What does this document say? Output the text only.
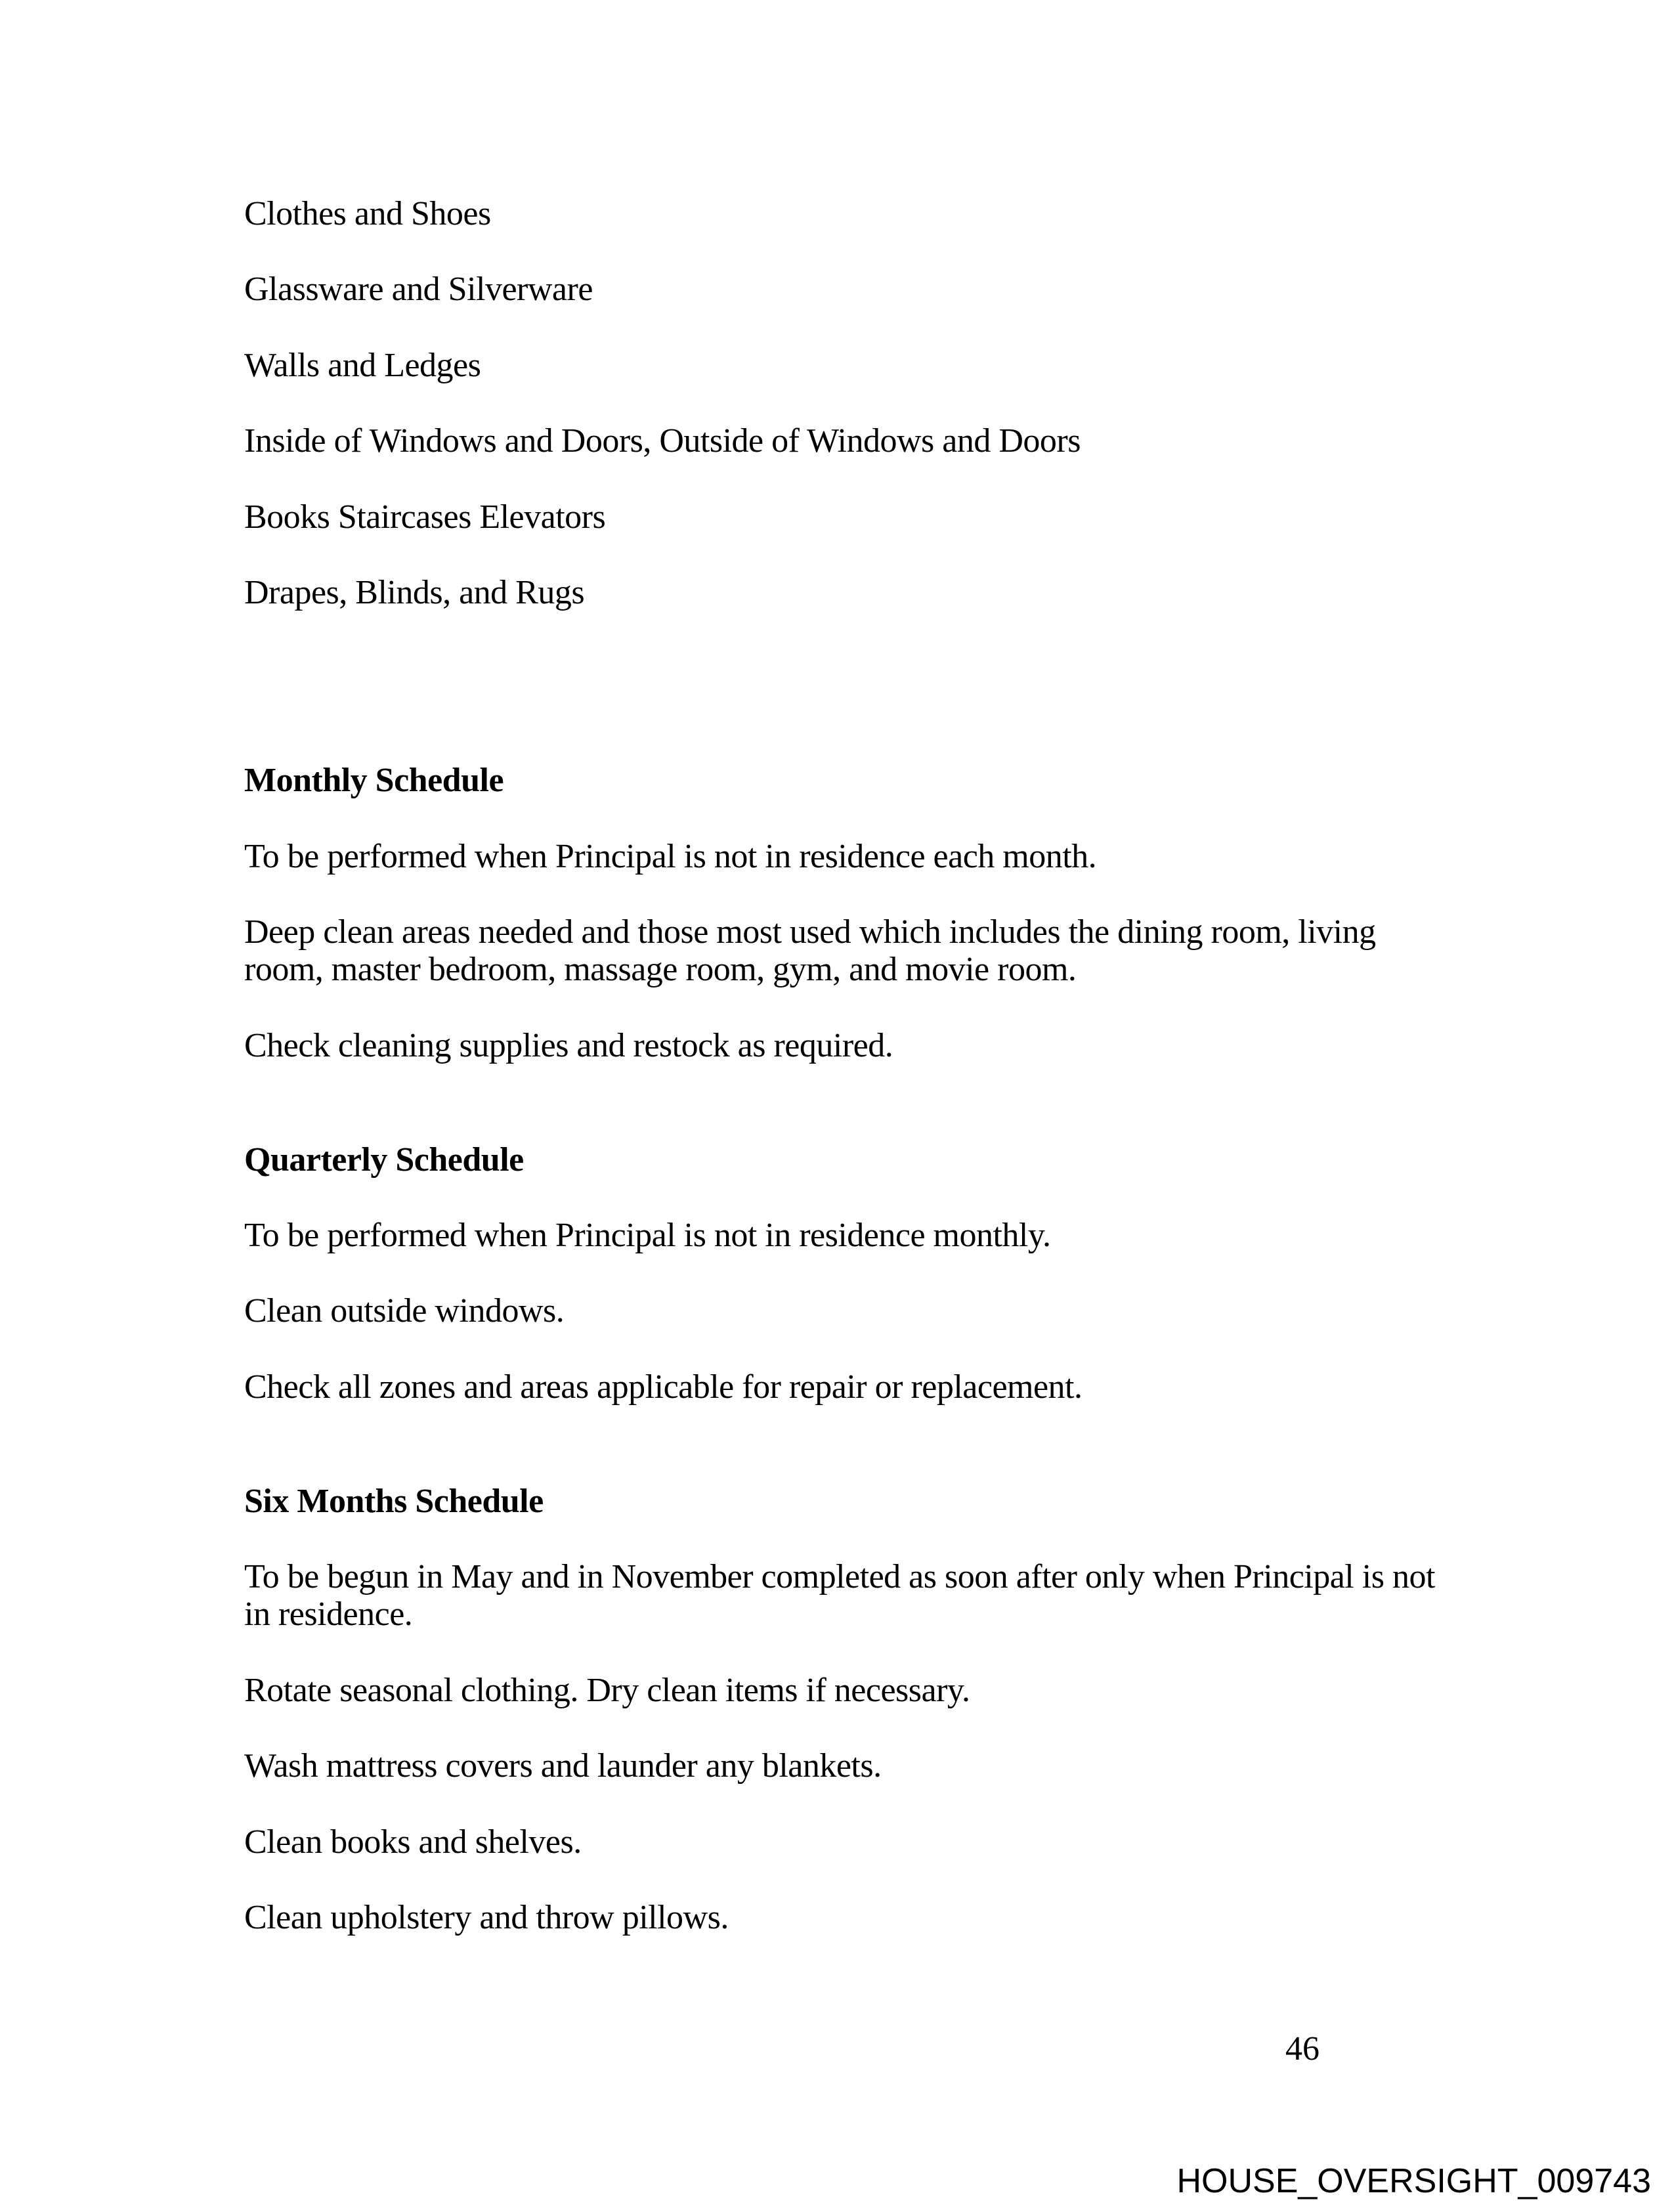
Clothes and Shoes
Glassware and Silverware
Walls and Ledges
Inside of Windows and Doors, Outside of Windows and Doors
Books Staircases Elevators
Drapes, Blinds, and Rugs
Monthly Schedule
To be performed when Principal is not in residence each month.
Deep clean areas needed and those most used which includes the dining room, living
room, master bedroom, massage room, gym, and movie room.
Check cleaning supplies and restock as required.
Quarterly Schedule
To be performed when Principal is not in residence monthly.
Clean outside windows.
Check all zones and areas applicable for repair or replacement.
Six Months Schedule
To be begun in May and in November completed as soon after only when Principal is not
in residence.
Rotate seasonal clothing. Dry clean items if necessary.
Wash mattress covers and launder any blankets.
Clean books and shelves.
Clean upholstery and throw pillows.
46
HOUSE_OVERSIGHT_009743
